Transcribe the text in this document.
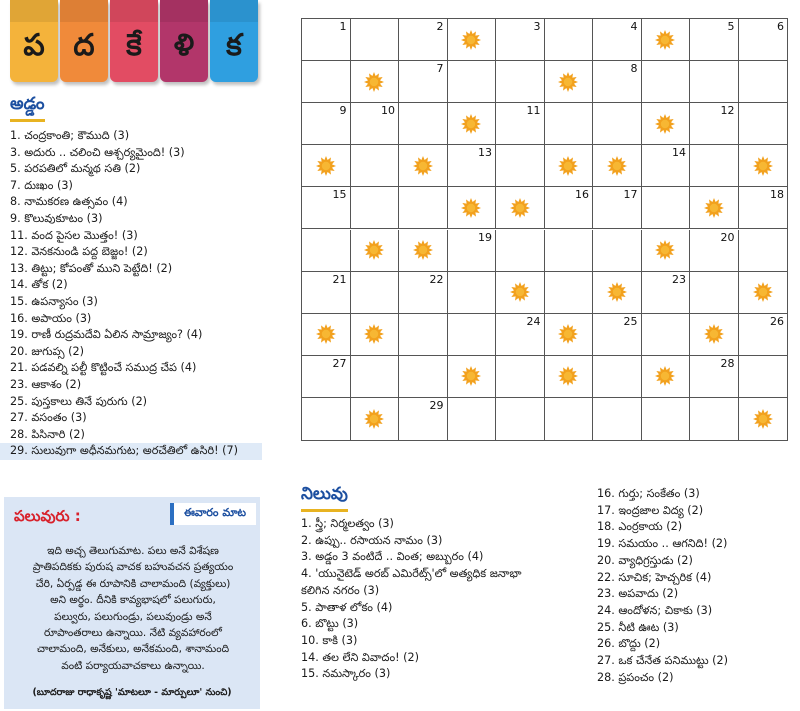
ప ద కే ళి క
అడ్డం
1. చంద్రకాంతి; కౌముది (3)
3. అదురు .. చలించి ఆశ్చర్యమైంది! (3)
5. పరపతిలో మన్మథ సతి (2)
7. దుఃఖం (3)
8. నామకరణ ఉత్సవం (4)
9. కొలువుకూటం (3)
11. వంద పైసల మొత్తం! (3)
12. వెనకనుండి పద్ద బెజ్జం! (2)
13. తిట్టు; కోపంతో ముని పెట్టేది! (2)
14. తోక (2)
15. ఉపన్యాసం (3)
16. అపాయం (3)
19. రాణీ రుద్రమదేవి ఏలిన సామ్రాజ్యం? (4)
20. జుగుప్స (2)
21. పడవల్ని పల్టీ కొట్టించే సముద్ర చేప (4)
23. ఆకాశం (2)
25. పుస్తకాలు తినే పురుగు (2)
27. వసంతం (3)
28. పిసినారి (2)
29. సులువుగా అధీనమగుట; అరచేతిలో ఉసిరి! (7)
పలువురు :	ఈవారం మాట
ఇది అచ్చ తెలుగుమాట. పలు అనే విశేషణ
ప్రాతిపదికకు పురుష వాచక బహువచన ప్రత్యయం
చేరి, ఏర్పడ్డ ఈ రూపానికి చాలామంది (వ్యక్తులు)
అని అర్థం. దీనికి కావ్యభాషలో పలుగురు,
పల్వురు, పలుగుండ్రు, పలువుండ్రు అనే
రూపాంతరాలు ఉన్నాయి. నేటి వ్యవహారంలో
చాలామంది, అనేకులు, అనేకమంది, శానామంది
వంటి పర్యాయవాచకాలు ఉన్నాయి.
(బూదరాజు రాధాకృష్ణ 'మాటలూ - మార్పులూ' నుంచి)
1	2	3	4	5	6
7	8
9	10	11	12
13	14
15	16	17	18
19	20
21	22	23
24	25	26
27	28
29
నిలువు
1. స్త్రీ; నిర్మలత్వం (3)
2. ఉప్పు.. రసాయన నామం (3)
3. అడ్డం 3 వంటిదే .. వింత; అబ్బురం (4)
4. 'యునైటెడ్ అరబ్ ఎమిరేట్స్'లో అత్యధిక జనాభా
కలిగిన నగరం (3)
5. పాతాళ లోకం (4)
6. బొట్టు (3)
10. కాకి (3)
14. తల లేని వివాదం! (2)
15. నమస్కారం (3)
16. గుర్తు; సంకేతం (3)
17. ఇంద్రజాల విద్య (2)
18. ఎంర్రకాయ (2)
19. సమయం .. ఆగనిది! (2)
20. వ్యాధిగ్రస్తుడు (2)
22. సూచిక; హెచ్చరిక (4)
23. అపవాదు (2)
24. ఆందోళన; చికాకు (3)
25. నీటి ఊట (3)
26. బొద్దు (2)
27. ఒక చేనేత పనిముట్టు (2)
28. ప్రపంచం (2)
